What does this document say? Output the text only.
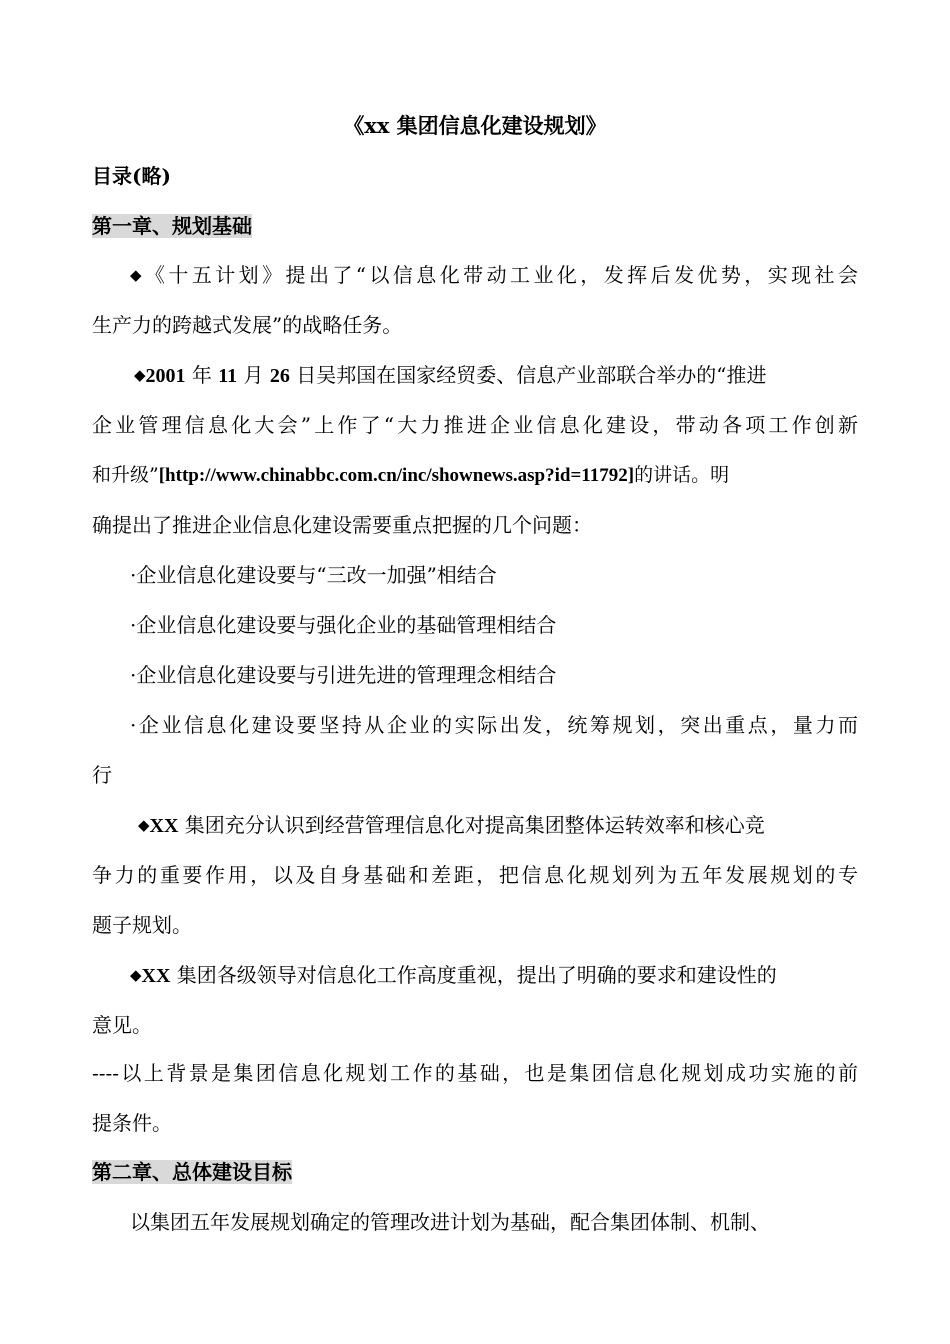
《xx 集团信息化建设规划》
目录(略)
第一章、规划基础
◆《十五计划》提出了“以信息化带动工业化，发挥后发优势，实现社会
生产力的跨越式发展”的战略任务。
◆2001 年 11 月 26 日吴邦国在国家经贸委、信息产业部联合举办的“推进
企业管理信息化大会”上作了“大力推进企业信息化建设，带动各项工作创新
和升级”[http://www.chinabbc.com.cn/inc/shownews.asp?id=11792]的讲话。明
确提出了推进企业信息化建设需要重点把握的几个问题：
·企业信息化建设要与“三改一加强”相结合
·企业信息化建设要与强化企业的基础管理相结合
·企业信息化建设要与引进先进的管理理念相结合
·企业信息化建设要坚持从企业的实际出发，统筹规划，突出重点，量力而
行
◆XX 集团充分认识到经营管理信息化对提高集团整体运转效率和核心竞
争力的重要作用，以及自身基础和差距，把信息化规划列为五年发展规划的专
题子规划。
◆XX 集团各级领导对信息化工作高度重视，提出了明确的要求和建设性的
意见。
----以上背景是集团信息化规划工作的基础，也是集团信息化规划成功实施的前
提条件。
第二章、总体建设目标
以集团五年发展规划确定的管理改进计划为基础，配合集团体制、机制、
